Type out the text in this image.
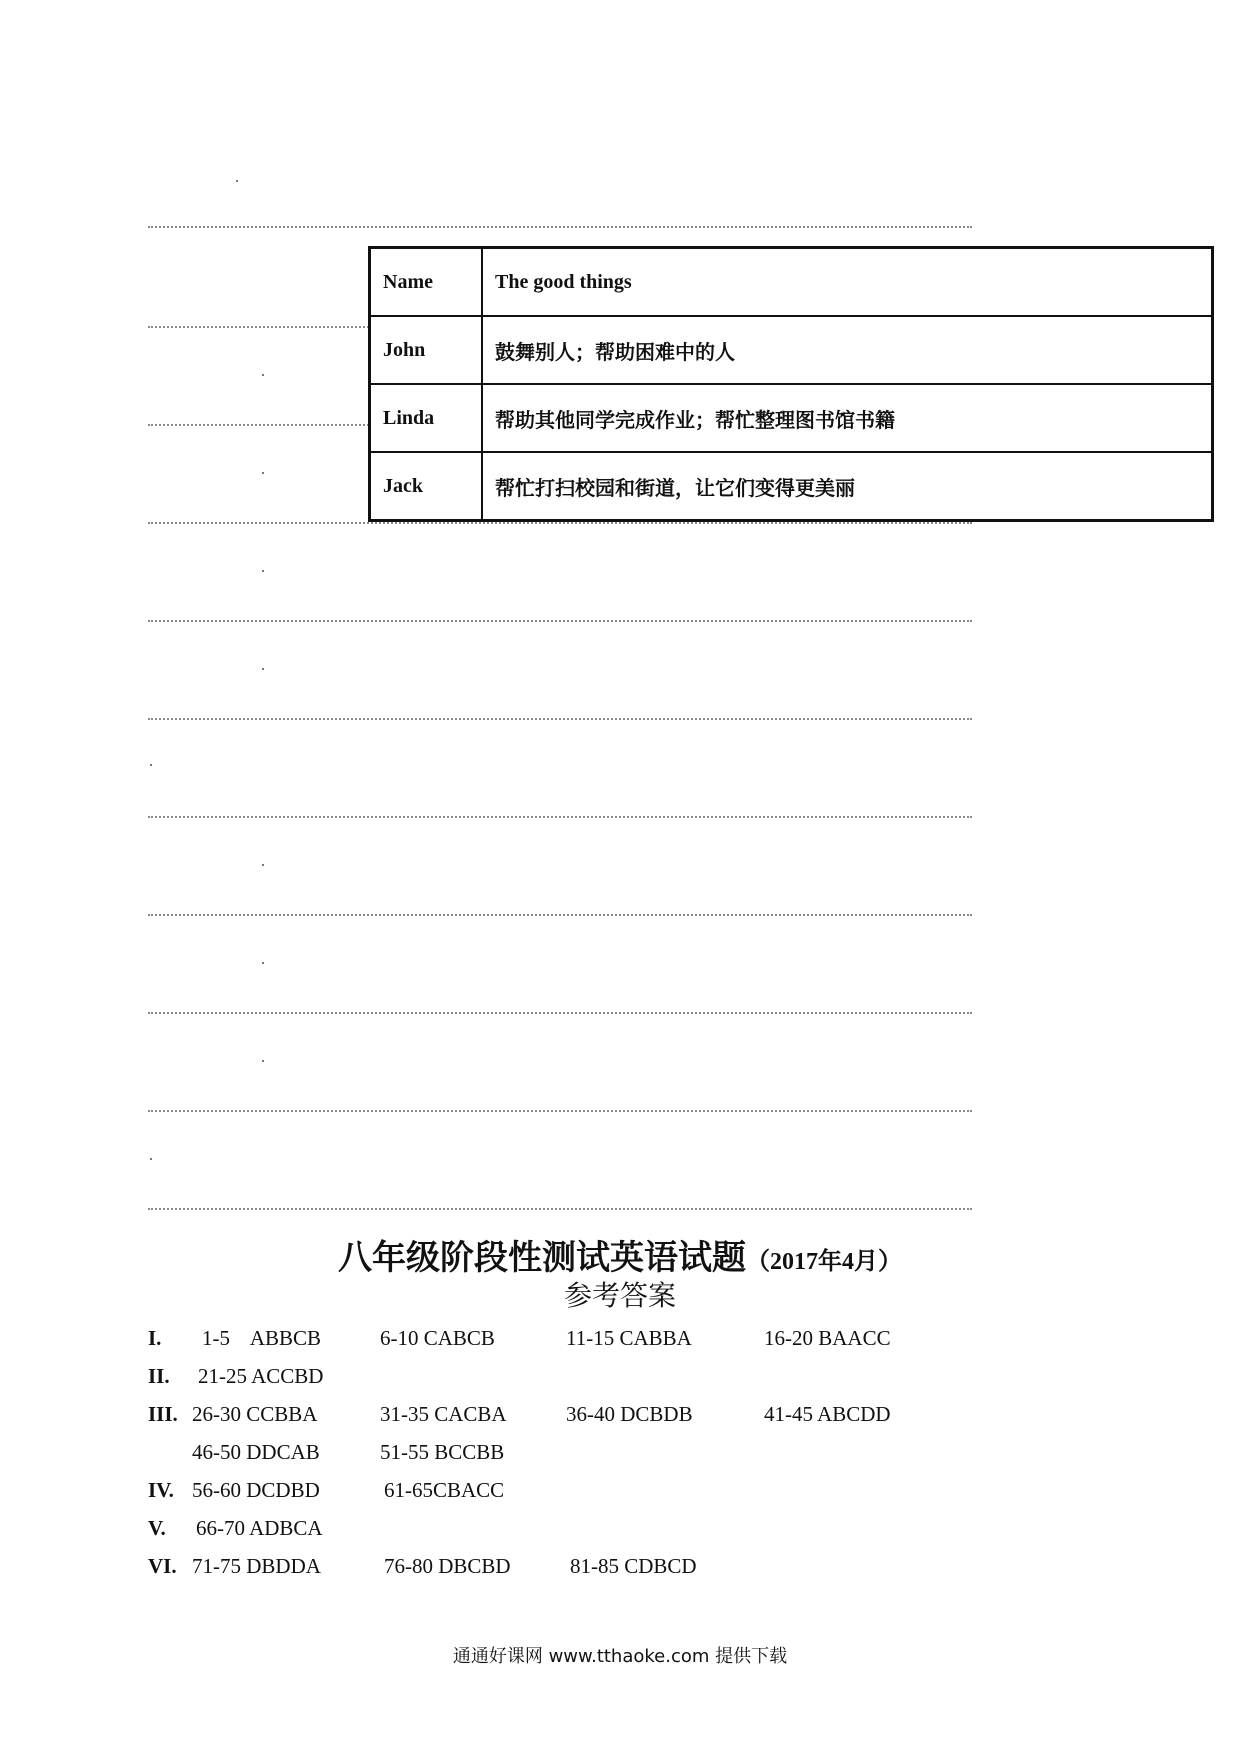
Name	The good things
John	鼓舞别人；帮助困难中的人
Linda	帮助其他同学完成作业；帮忙整理图书馆书籍
Jack	帮忙打扫校园和街道，让它们变得更美丽
八年级阶段性测试英语试题（2017年4月）
参考答案
I. 1-5    ABBCB	6-10 CABCB	11-15 CABBA	16-20 BAACC
II. 21-25 ACCBD
III. 26-30 CCBBA	31-35 CACBA	36-40 DCBDB	41-45 ABCDD
46-50 DDCAB	51-55 BCCBB
IV. 56-60 DCDBD	61-65CBACC
V. 66-70 ADBCA
VI. 71-75 DBDDA	76-80 DBCBD	81-85 CDBCD
通通好课网 www.tthaoke.com 提供下载
